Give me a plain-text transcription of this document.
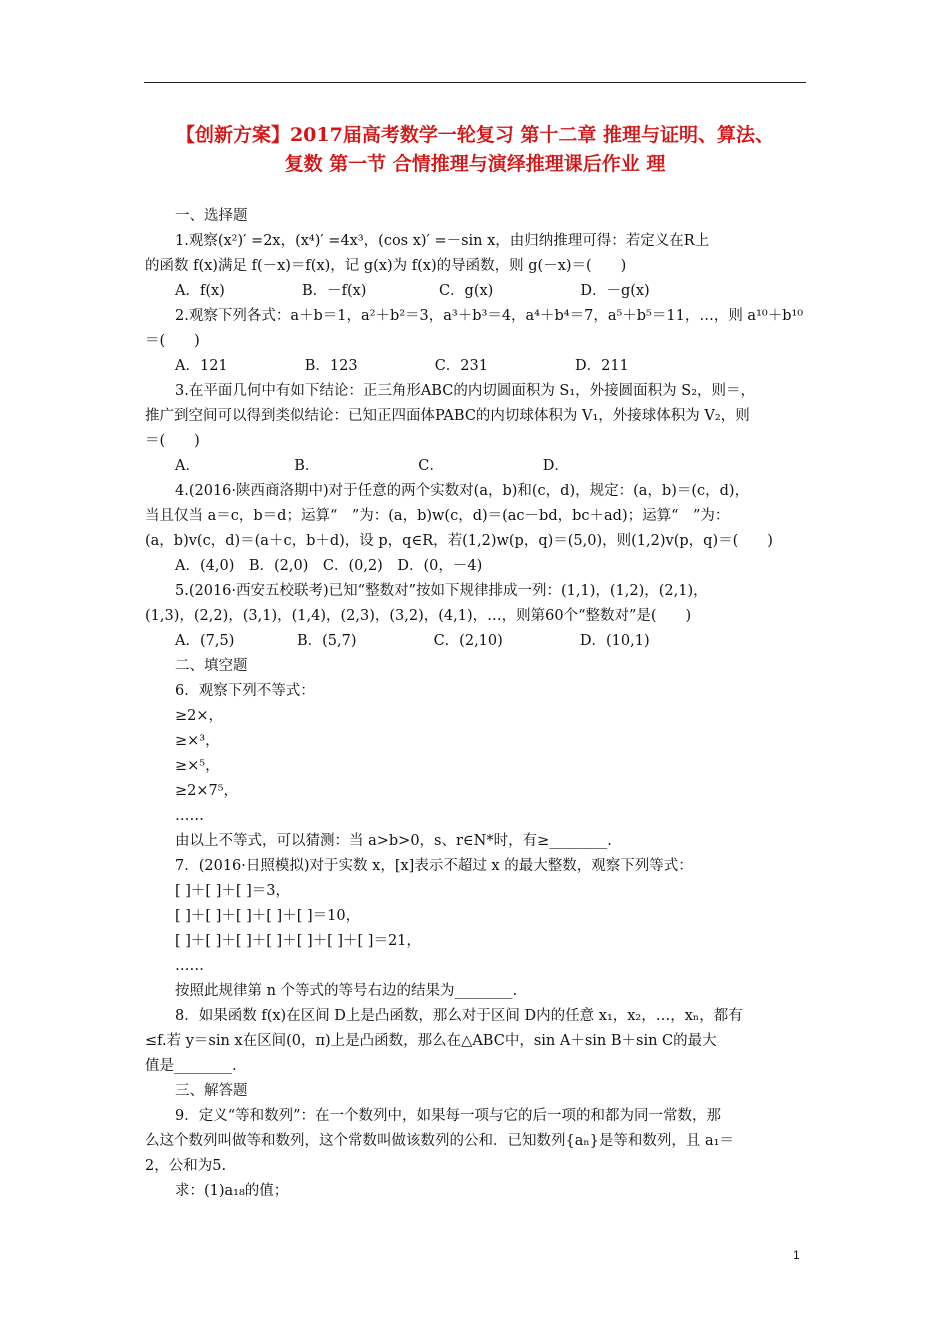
【创新方案】2017届高考数学一轮复习 第十二章 推理与证明、算法、
复数 第一节 合情推理与演绎推理课后作业 理
一、选择题
1.观察(x²)′ =2x，(x⁴)′ =4x³，(cos x)′ =－sin x，由归纳推理可得：若定义在R上
的函数 f(x)满足 f(－x)＝f(x)，记 g(x)为 f(x)的导函数，则 g(－x)＝(　　)
A．f(x)　　　　　 B．－f(x)　　　　　C．g(x)　　　　　　D．－g(x)
2.观察下列各式：a＋b＝1，a²＋b²＝3，a³＋b³＝4，a⁴＋b⁴＝7，a⁵＋b⁵＝11，…，则 a¹⁰＋b¹⁰
＝(　　)
A．121　　　　　 B．123　　　　　 C．231　　　　　　D．211
3.在平面几何中有如下结论：正三角形ABC的内切圆面积为 S₁，外接圆面积为 S₂，则＝，
推广到空间可以得到类似结论：已知正四面体PABC的内切球体积为 V₁，外接球体积为 V₂，则
＝(　　)
A．　　　　　　　B．　　　　　　　 C．　　　　　　　 D．
4.(2016·陕西商洛期中)对于任意的两个实数对(a，b)和(c，d)，规定：(a，b)＝(c，d)，
当且仅当 a＝c，b＝d；运算“　”为：(a，b)w(c，d)＝(ac－bd，bc＋ad)；运算“　”为：
(a，b)v(c，d)＝(a＋c，b＋d)，设 p，q∈R，若(1,2)w(p，q)＝(5,0)，则(1,2)v(p，q)＝(　　)
A．(4,0)　B．(2,0)　C．(0,2)　D．(0，－4)
5.(2016·西安五校联考)已知“整数对”按如下规律排成一列：(1,1)，(1,2)，(2,1)，
(1,3)，(2,2)，(3,1)，(1,4)，(2,3)，(3,2)，(4,1)，…，则第60个“整数对”是(　　)
A．(7,5)　　　　 B．(5,7)　　　　　 C．(2,10)　　　　　 D．(10,1)
二、填空题
6．观察下列不等式：
≥2×，
≥×³，
≥×⁵，
≥2×7⁵，
……
由以上不等式，可以猜测：当 a>b>0，s、r∈N*时，有≥________.
7．(2016·日照模拟)对于实数 x，[x]表示不超过 x 的最大整数，观察下列等式：
[ ]＋[ ]＋[ ]＝3，
[ ]＋[ ]＋[ ]＋[ ]＋[ ]＝10，
[ ]＋[ ]＋[ ]＋[ ]＋[ ]＋[ ]＋[ ]＝21，
……
按照此规律第 n 个等式的等号右边的结果为________.
8．如果函数 f(x)在区间 D上是凸函数，那么对于区间 D内的任意 x₁，x₂，…，xₙ，都有
≤f.若 y＝sin x在区间(0，π)上是凸函数，那么在△ABC中，sin A＋sin B＋sin C的最大
值是________.
三、解答题
9．定义“等和数列”：在一个数列中，如果每一项与它的后一项的和都为同一常数，那
么这个数列叫做等和数列，这个常数叫做该数列的公和．已知数列{aₙ}是等和数列，且 a₁＝
2，公和为5.
求：(1)a₁₈的值；
1
